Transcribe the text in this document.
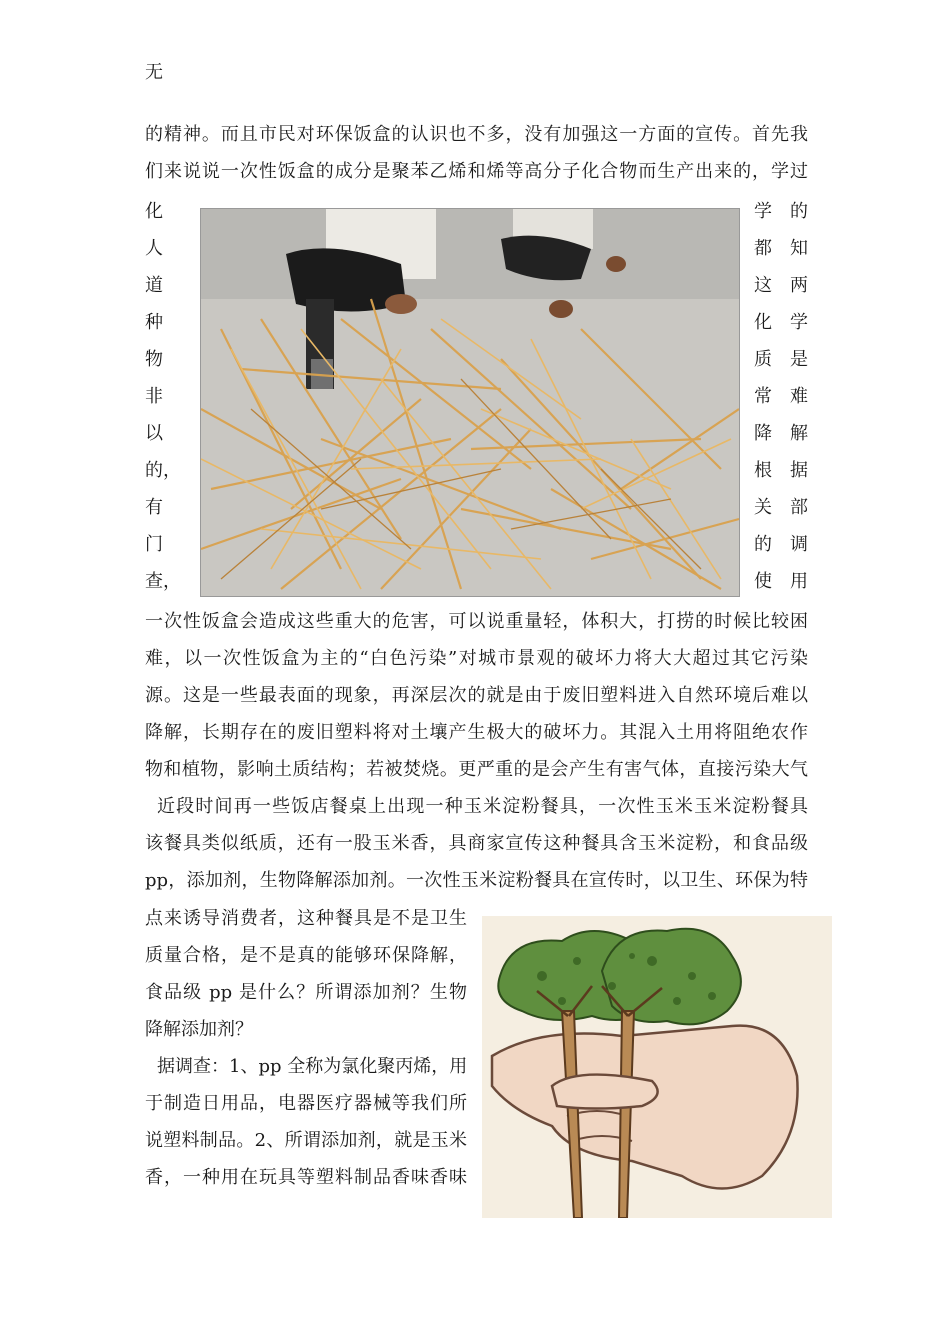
无
的精神。而且市民对环保饭盒的认识也不多，没有加强这一方面的宣传。首先我
们来说说一次性饭盒的成分是聚苯乙烯和烯等高分子化合物而生产出来的，学过
化
人
道
种
物
非
以
的，
有
门
查，
学 的
都 知
这 两
化 学
质 是
常 难
降 解
根 据
关 部
的 调
使 用
一次性饭盒会造成这些重大的危害，可以说重量轻，体积大，打捞的时候比较困
难，以一次性饭盒为主的“白色污染”对城市景观的破坏力将大大超过其它污染
源。这是一些最表面的现象，再深层次的就是由于废旧塑料进入自然环境后难以
降解，长期存在的废旧塑料将对土壤产生极大的破坏力。其混入土用将阻绝农作
物和植物，影响土质结构；若被焚烧。更严重的是会产生有害气体，直接污染大气
近段时间再一些饭店餐桌上出现一种玉米淀粉餐具，一次性玉米玉米淀粉餐具
该餐具类似纸质，还有一股玉米香，具商家宣传这种餐具含玉米淀粉，和食品级
pp，添加剂，生物降解添加剂。一次性玉米淀粉餐具在宣传时，以卫生、环保为特
点来诱导消费者，这种餐具是不是卫生
质量合格，是不是真的能够环保降解，
食品级 pp 是什么？所谓添加剂？生物
降解添加剂？
据调查：1、pp 全称为氯化聚丙烯，用
于制造日用品，电器医疗器械等我们所
说塑料制品。2、所谓添加剂，就是玉米
香，一种用在玩具等塑料制品香味香味
